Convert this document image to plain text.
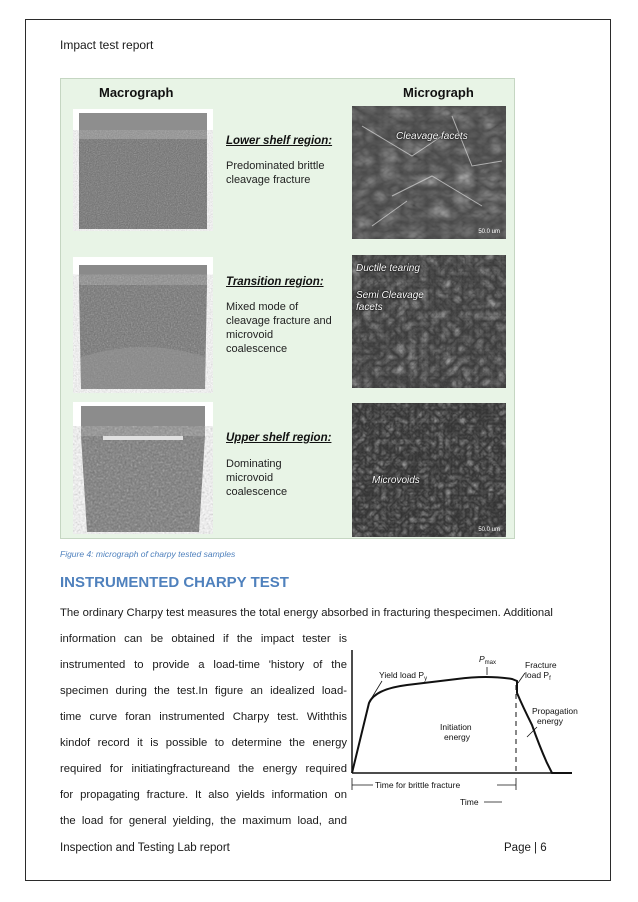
Impact test report
Macrograph	Micrograph
Lower shelf region:
Predominated brittle
cleavage fracture
Cleavage facets
50.0 um
Transition region:
Mixed mode of
cleavage fracture and
microvoid
coalescence
Ductile tearing
Semi Cleavage
facets
Upper shelf region:
Dominating
microvoid
coalescence
Microvoids
50.0 um
Figure 4: micrograph of charpy tested samples
INSTRUMENTED CHARPY TEST
The ordinary Charpy test measures the total energy absorbed in fracturing thespecimen. Additional
information can be obtained if the impact tester is
instrumented to provide a load-time 'history of the
specimen during the test.In figure an idealized load-
time curve foran instrumented Charpy test. Withthis
kindof record it is possible to determine the energy
required for initiatingfractureand the energy required
for propagating fracture. It also yields information on
the load for general yielding, the maximum load, and
Yield load $P_y$
$P_{max}$	Fracture
load $P_f$
Initiation
energy
Propagation
energy
Time for brittle fracture
Time
Inspection and Testing Lab report	Page | 6
